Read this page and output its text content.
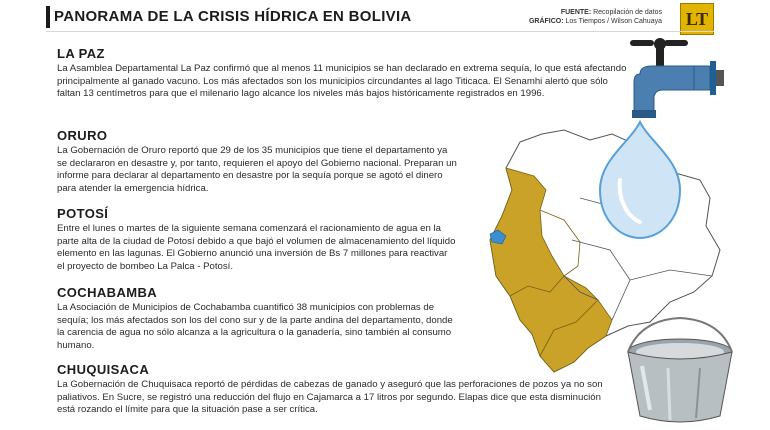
PANORAMA DE LA CRISIS HÍDRICA EN BOLIVIA	FUENTE: Recopilación de datos
GRÁFICO: Los Tiempos / Wilson Cahuaya	LT
LA PAZ
La Asamblea Departamental La Paz confirmó que al menos 11 municipios se han declarado en extrema sequía, lo que está afectando principalmente al ganado vacuno. Los más afectados son los municipios circundantes al lago Titicaca. El Senamhi alertó que sólo faltan 13 centímetros para que el milenario lago alcance los niveles más bajos históricamente registrados en 1996.
ORURO
La Gobernación de Oruro reportó que 29 de los 35 municipios que tiene el departamento ya se declararon en desastre y, por tanto, requieren el apoyo del Gobierno nacional. Preparan un informe para declarar al departamento en desastre por la sequía porque se agotó el dinero para atender la emergencia hídrica.
POTOSÍ
Entre el lunes o martes de la siguiente semana comenzará el racionamiento de agua en la parte alta de la ciudad de Potosí debido a que bajó el volumen de almacenamiento del líquido elemento en las lagunas. El Gobierno anunció una inversión de Bs 7 millones para reactivar el proyecto de bombeo La Palca - Potosí.
COCHABAMBA
La Asociación de Municipios de Cochabamba cuantificó 38 municipios con problemas de sequía; los más afectados son los del cono sur y de la parte andina del departamento, donde la carencia de agua no sólo alcanza a la agricultura o la ganadería, sino también al consumo humano.
CHUQUISACA
La Gobernación de Chuquisaca reportó de pérdidas de cabezas de ganado y aseguró que las perforaciones de pozos ya no son paliativos. En Sucre, se registró una reducción del flujo en Cajamarca a 17 litros por segundo. Elapas dice que esta disminución está rozando el límite para que la situación pase a ser crítica.
